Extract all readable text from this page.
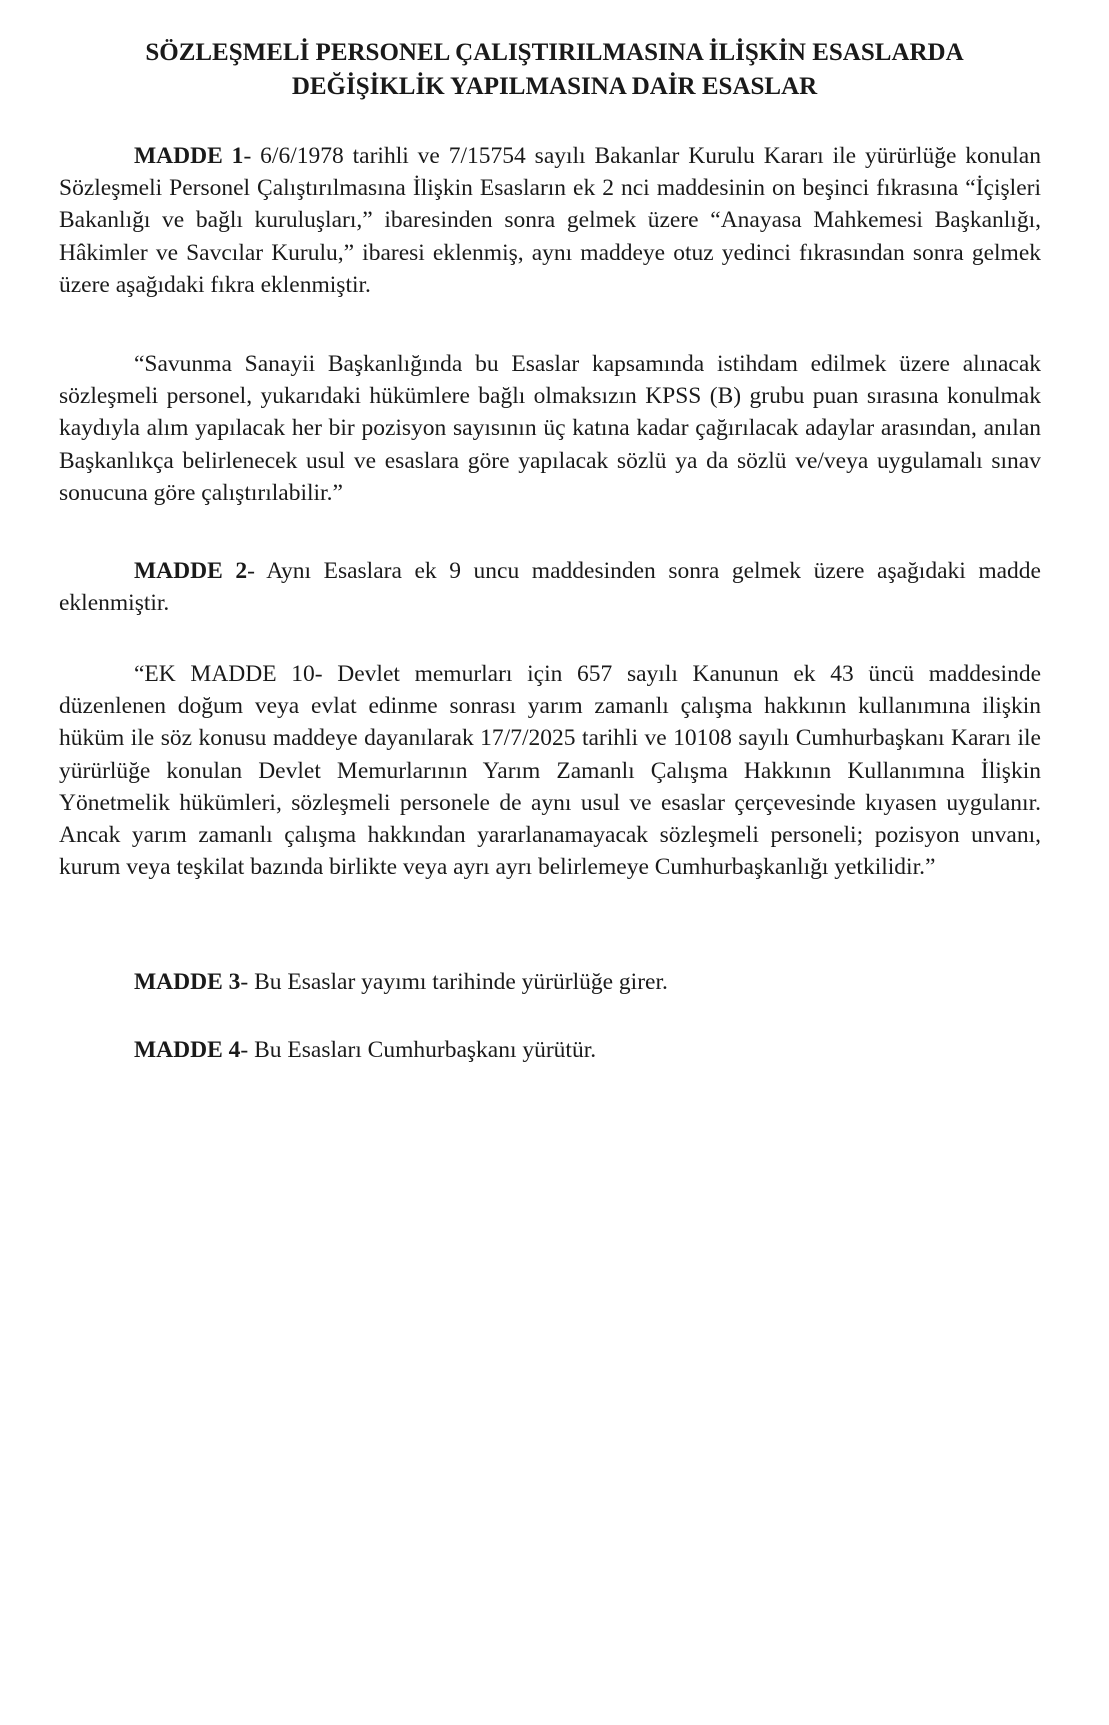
SÖZLEŞMELİ PERSONEL ÇALIŞTIRILMASINA İLİŞKİN ESASLARDA
DEĞİŞİKLİK YAPILMASINA DAİR ESASLAR

MADDE 1- 6/6/1978 tarihli ve 7/15754 sayılı Bakanlar Kurulu Kararı ile yürürlüğe konulan Sözleşmeli Personel Çalıştırılmasına İlişkin Esasların ek 2 nci maddesinin on beşinci fıkrasına “İçişleri Bakanlığı ve bağlı kuruluşları,” ibaresinden sonra gelmek üzere “Anayasa Mahkemesi Başkanlığı, Hâkimler ve Savcılar Kurulu,” ibaresi eklenmiş, aynı maddeye otuz yedinci fıkrasından sonra gelmek üzere aşağıdaki fıkra eklenmiştir.

“Savunma Sanayii Başkanlığında bu Esaslar kapsamında istihdam edilmek üzere alınacak sözleşmeli personel, yukarıdaki hükümlere bağlı olmaksızın KPSS (B) grubu puan sırasına konulmak kaydıyla alım yapılacak her bir pozisyon sayısının üç katına kadar çağırılacak adaylar arasından, anılan Başkanlıkça belirlenecek usul ve esaslara göre yapılacak sözlü ya da sözlü ve/veya uygulamalı sınav sonucuna göre çalıştırılabilir.”

MADDE 2- Aynı Esaslara ek 9 uncu maddesinden sonra gelmek üzere aşağıdaki madde eklenmiştir.

“EK MADDE 10- Devlet memurları için 657 sayılı Kanunun ek 43 üncü maddesinde düzenlenen doğum veya evlat edinme sonrası yarım zamanlı çalışma hakkının kullanımına ilişkin hüküm ile söz konusu maddeye dayanılarak 17/7/2025 tarihli ve 10108 sayılı Cumhurbaşkanı Kararı ile yürürlüğe konulan Devlet Memurlarının Yarım Zamanlı Çalışma Hakkının Kullanımına İlişkin Yönetmelik hükümleri, sözleşmeli personele de aynı usul ve esaslar çerçevesinde kıyasen uygulanır. Ancak yarım zamanlı çalışma hakkından yararlanamayacak sözleşmeli personeli; pozisyon unvanı, kurum veya teşkilat bazında birlikte veya ayrı ayrı belirlemeye Cumhurbaşkanlığı yetkilidir.”

MADDE 3- Bu Esaslar yayımı tarihinde yürürlüğe girer.

MADDE 4- Bu Esasları Cumhurbaşkanı yürütür.
